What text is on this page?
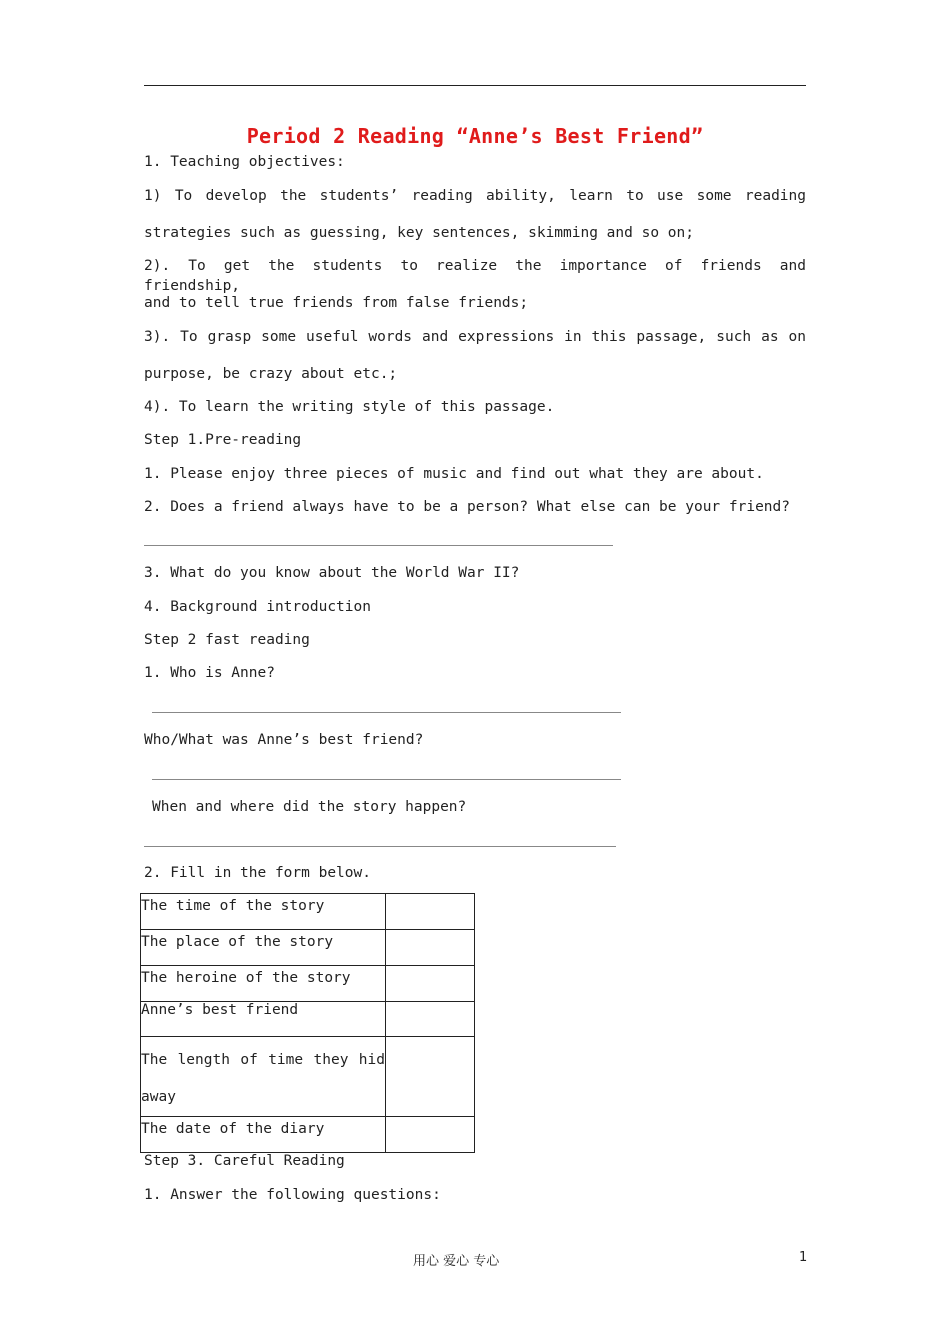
Period 2 Reading “Anne’s Best Friend”
1. Teaching objectives:
1) To develop the students’ reading ability, learn to use some reading
strategies such as guessing, key sentences, skimming and so on;
2). To get the students to realize the importance of friends and friendship,
and to tell true friends from false friends;
3). To grasp some useful words and expressions in this passage, such as on
purpose, be crazy about etc.;
4). To learn the writing style of this passage.
Step 1.Pre-reading
1. Please enjoy three pieces of music and find out what they are about.
2. Does a friend always have to be a person? What else can be your friend?
3. What do you know about the World War II?
4. Background introduction
Step 2 fast reading
1. Who is Anne?
Who/What was Anne’s best friend?
When and where did the story happen?
2. Fill in the form below.
The time of the story	
The place of the story	
The heroine of the story	
Anne’s best friend	
The length of time they hid away	
The date of the diary	
Step 3. Careful Reading
1. Answer the following questions:
用心 爱心 专心	1
